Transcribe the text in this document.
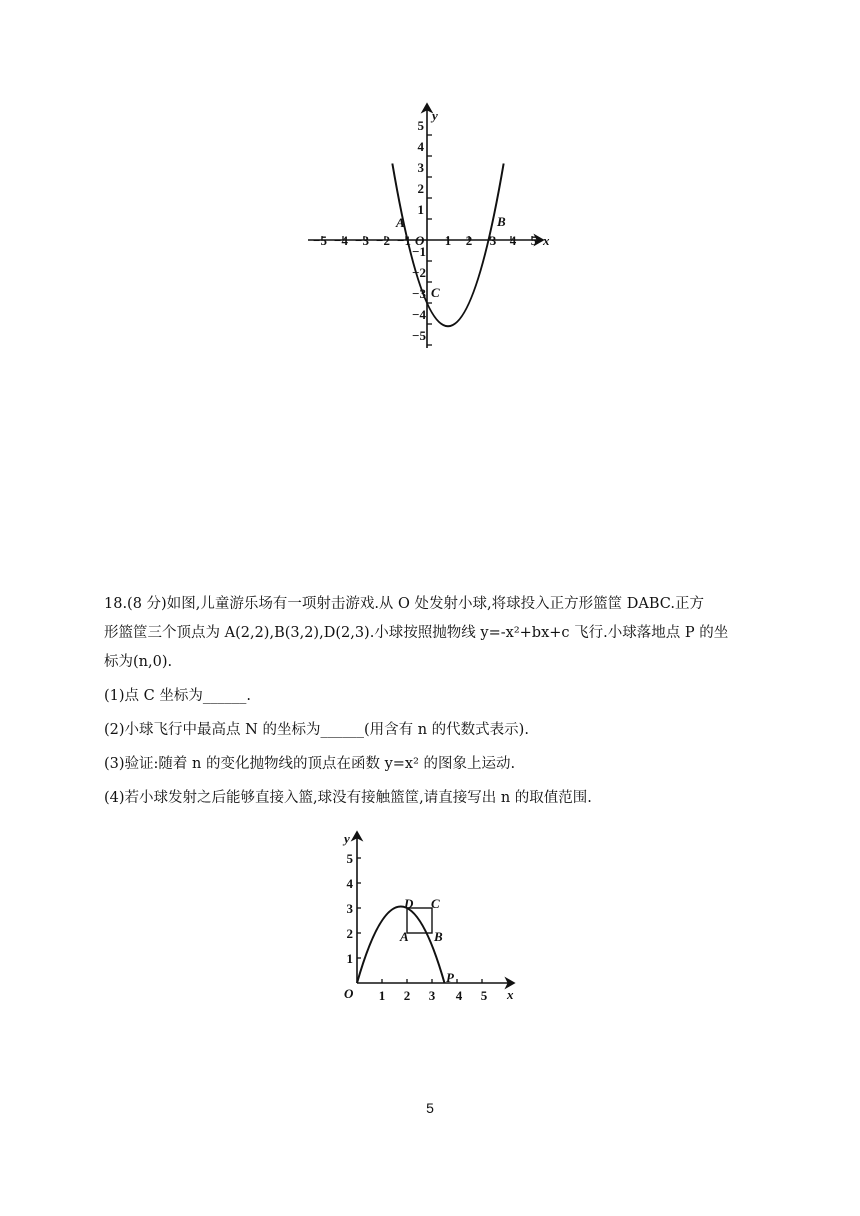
−5 −4 −3 −2 −1	1 2 3 4 5
5
4
3
2
1
−1
−2
−3
−4
−5
x
y
O
A	B
C

18.(8 分)如图,儿童游乐场有一项射击游戏.从 O 处发射小球,将球投入正方形篮筐 DABC.正方

形篮筐三个顶点为 A(2,2),B(3,2),D(2,3).小球按照抛物线 y=-x²+bx+c 飞行.小球落地点 P 的坐

标为(n,0).

(1)点 C 坐标为______.

(2)小球飞行中最高点 N 的坐标为______(用含有 n 的代数式表示).

(3)验证:随着 n 的变化抛物线的顶点在函数 y=x² 的图象上运动.

(4)若小球发射之后能够直接入篮,球没有接触篮筐,请直接写出 n 的取值范围.

1 2 3 4 5
1
2
3
4
5
x
y
O
D C
A B
P
5
